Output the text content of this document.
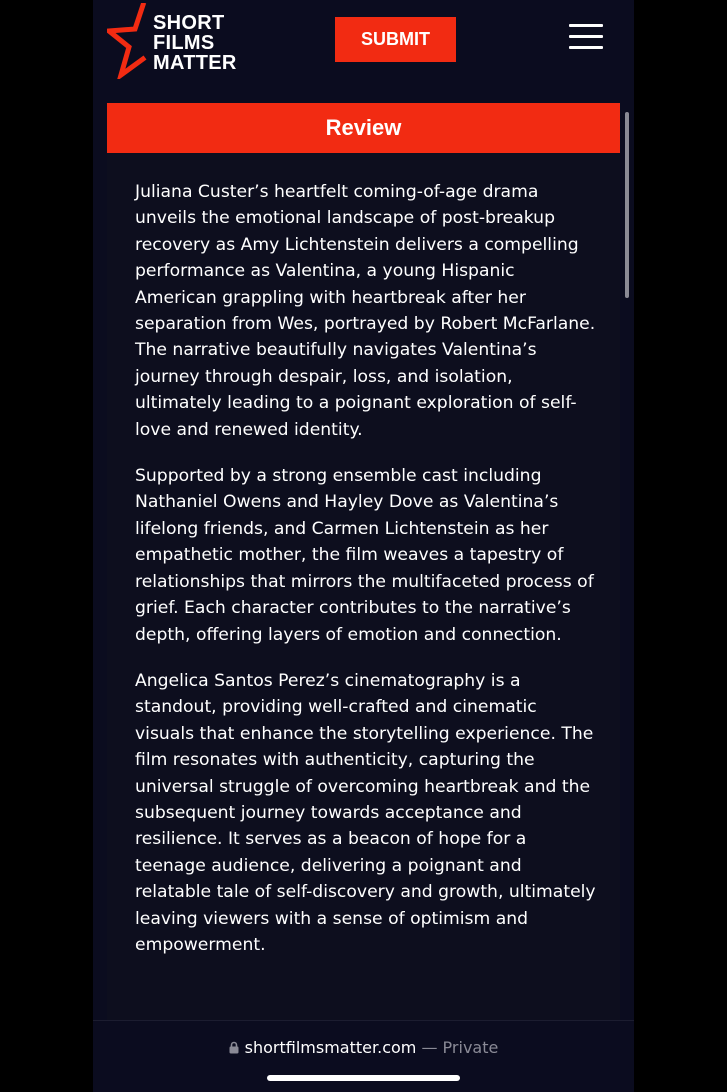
SHORT
FILMS
MATTER
SUBMIT
Review

Juliana Custer’s heartfelt coming-of-age drama unveils the emotional landscape of post-breakup recovery as Amy Lichtenstein delivers a compelling performance as Valentina, a young Hispanic American grappling with heartbreak after her separation from Wes, portrayed by Robert McFarlane. The narrative beautifully navigates Valentina’s journey through despair, loss, and isolation, ultimately leading to a poignant exploration of self-love and renewed identity.

Supported by a strong ensemble cast including Nathaniel Owens and Hayley Dove as Valentina’s lifelong friends, and Carmen Lichtenstein as her empathetic mother, the film weaves a tapestry of relationships that mirrors the multifaceted process of grief. Each character contributes to the narrative’s depth, offering layers of emotion and connection.

Angelica Santos Perez’s cinematography is a standout, providing well-crafted and cinematic visuals that enhance the storytelling experience. The film resonates with authenticity, capturing the universal struggle of overcoming heartbreak and the subsequent journey towards acceptance and resilience. It serves as a beacon of hope for a teenage audience, delivering a poignant and relatable tale of self-discovery and growth, ultimately leaving viewers with a sense of optimism and empowerment.

shortfilmsmatter.com — Private
